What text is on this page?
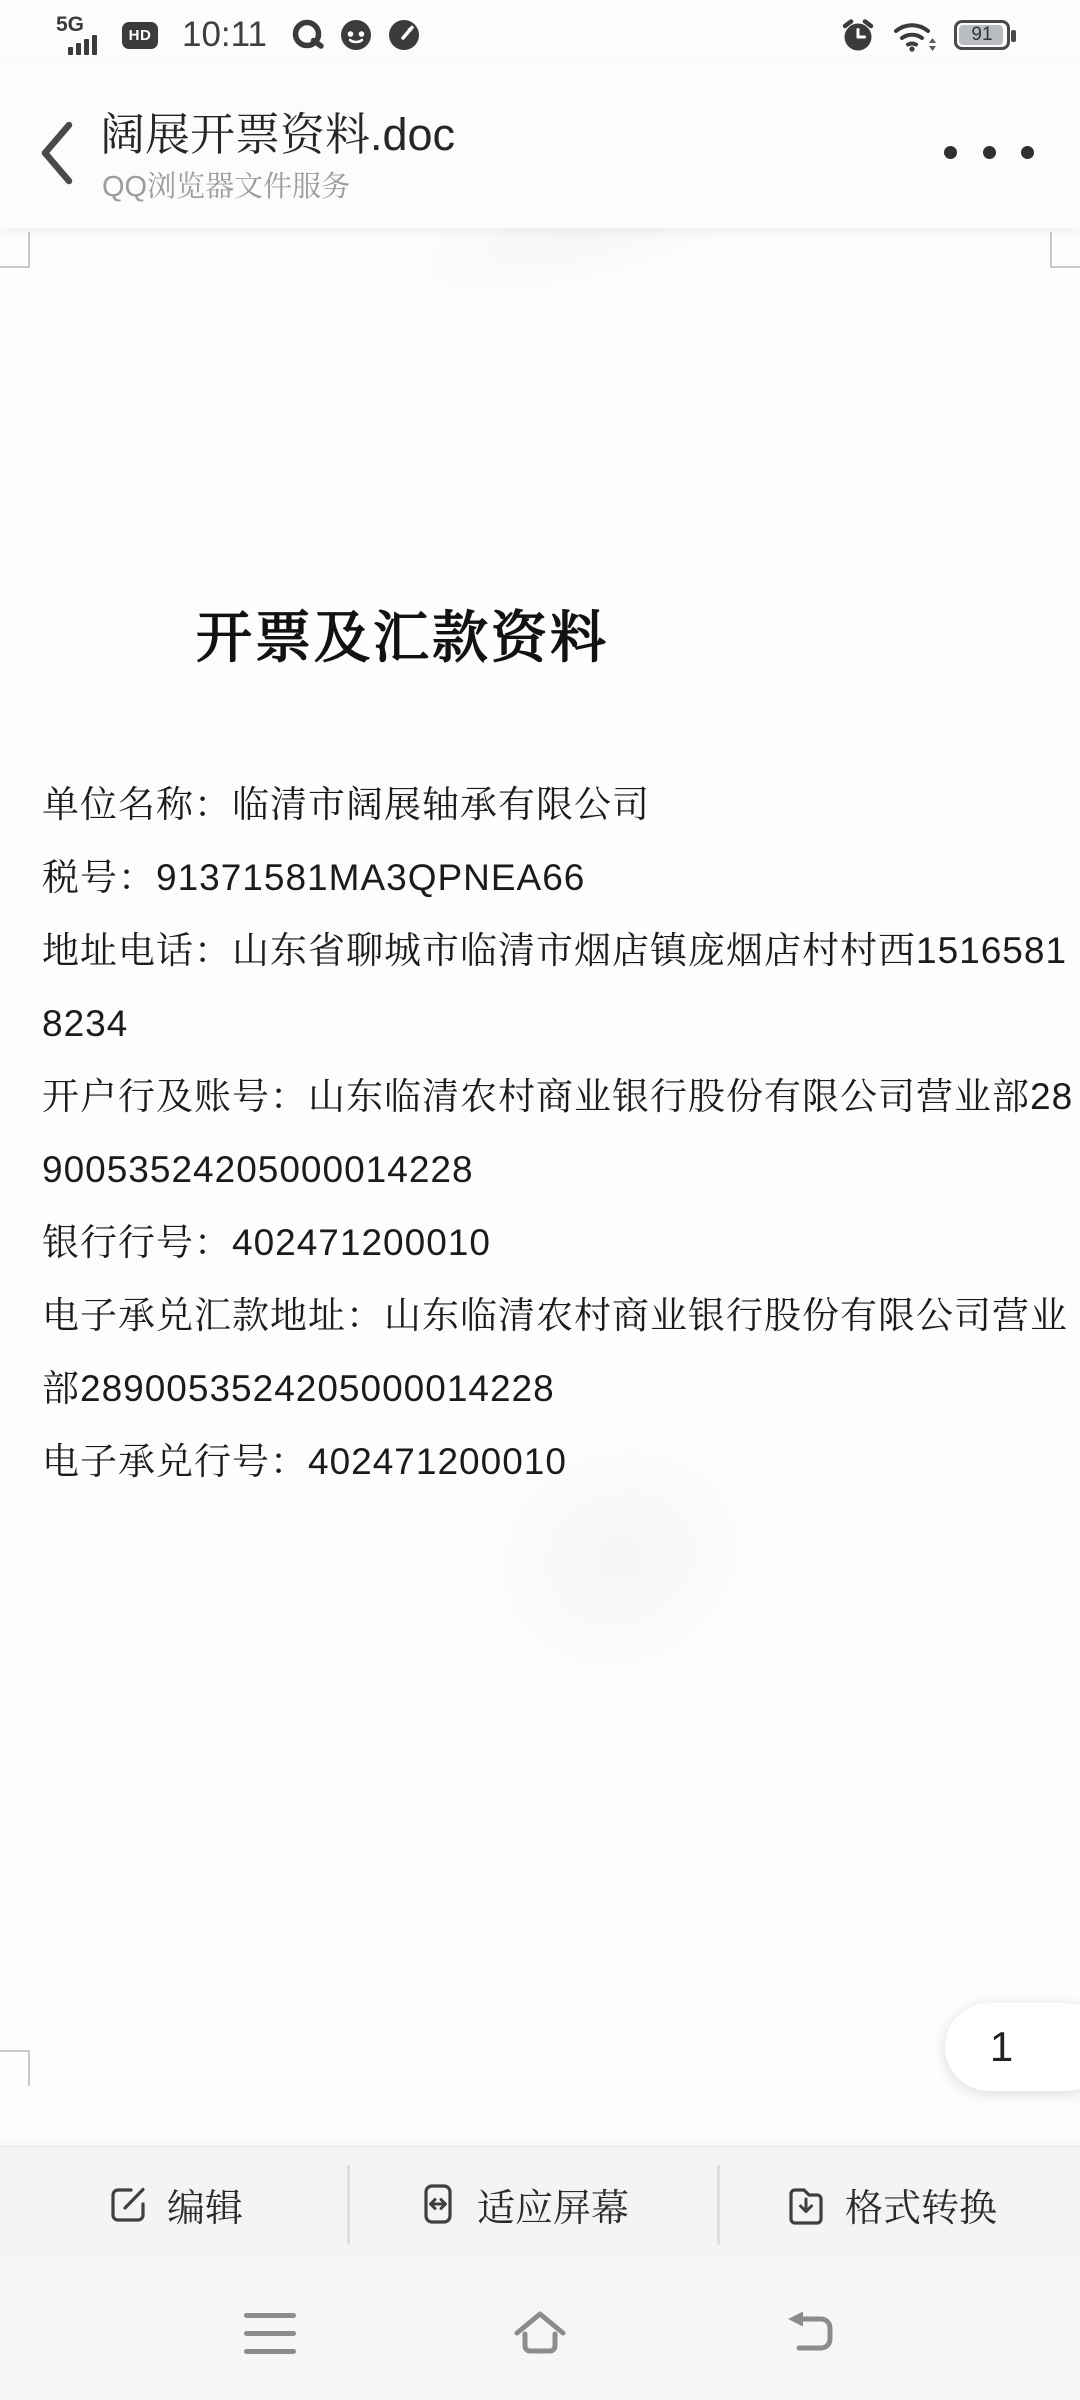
5G	HD 10:11	91
阔展开票资料.doc
QQ浏览器文件服务
开票及汇款资料
单位名称：临清市阔展轴承有限公司
税号：91371581MA3QPNEA66
地址电话：山东省聊城市临清市烟店镇庞烟店村村西1516581
8234
开户行及账号：山东临清农村商业银行股份有限公司营业部28
90053524205000014228
银行行号：402471200010
电子承兑汇款地址：山东临清农村商业银行股份有限公司营业
部2890053524205000014228
电子承兑行号：402471200010
1
编辑	适应屏幕	格式转换
